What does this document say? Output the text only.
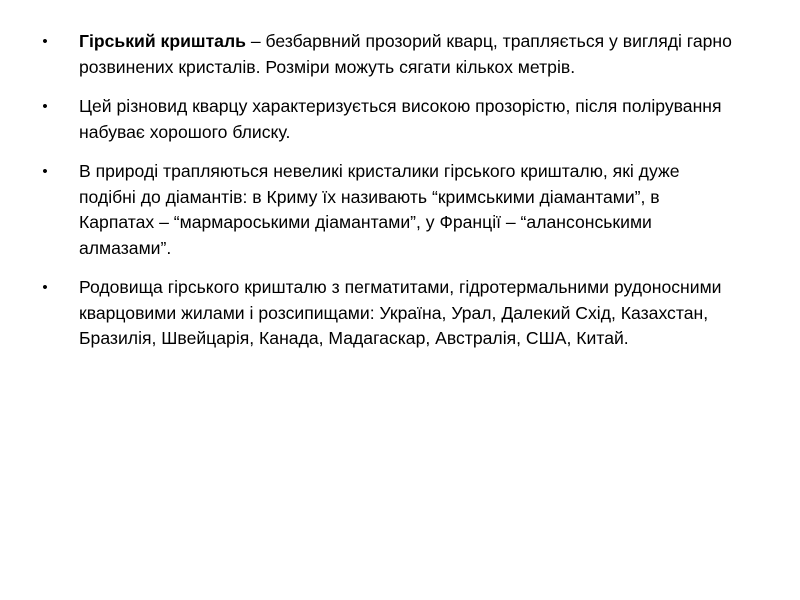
• Гірський кришталь – безбарвний прозорий кварц, трапляється у вигляді гарно розвинених кристалів. Розміри можуть сягати кількох метрів.
• Цей різновид кварцу характеризується високою прозорістю, після полірування набуває хорошого блиску.
• В природі трапляються невеликі кристалики гірського кришталю, які дуже подібні до діамантів: в Криму їх називають “кримськими діамантами”, в Карпатах – “мармароськими діамантами”, у Франції – “алансонськими алмазами”.
• Родовища гірського кришталю з пегматитами, гідротермальними рудоносними кварцовими жилами і розсипищами: Україна, Урал, Далекий Схід, Казахстан, Бразилія, Швейцарія, Канада, Мадагаскар, Австралія, США, Китай.
